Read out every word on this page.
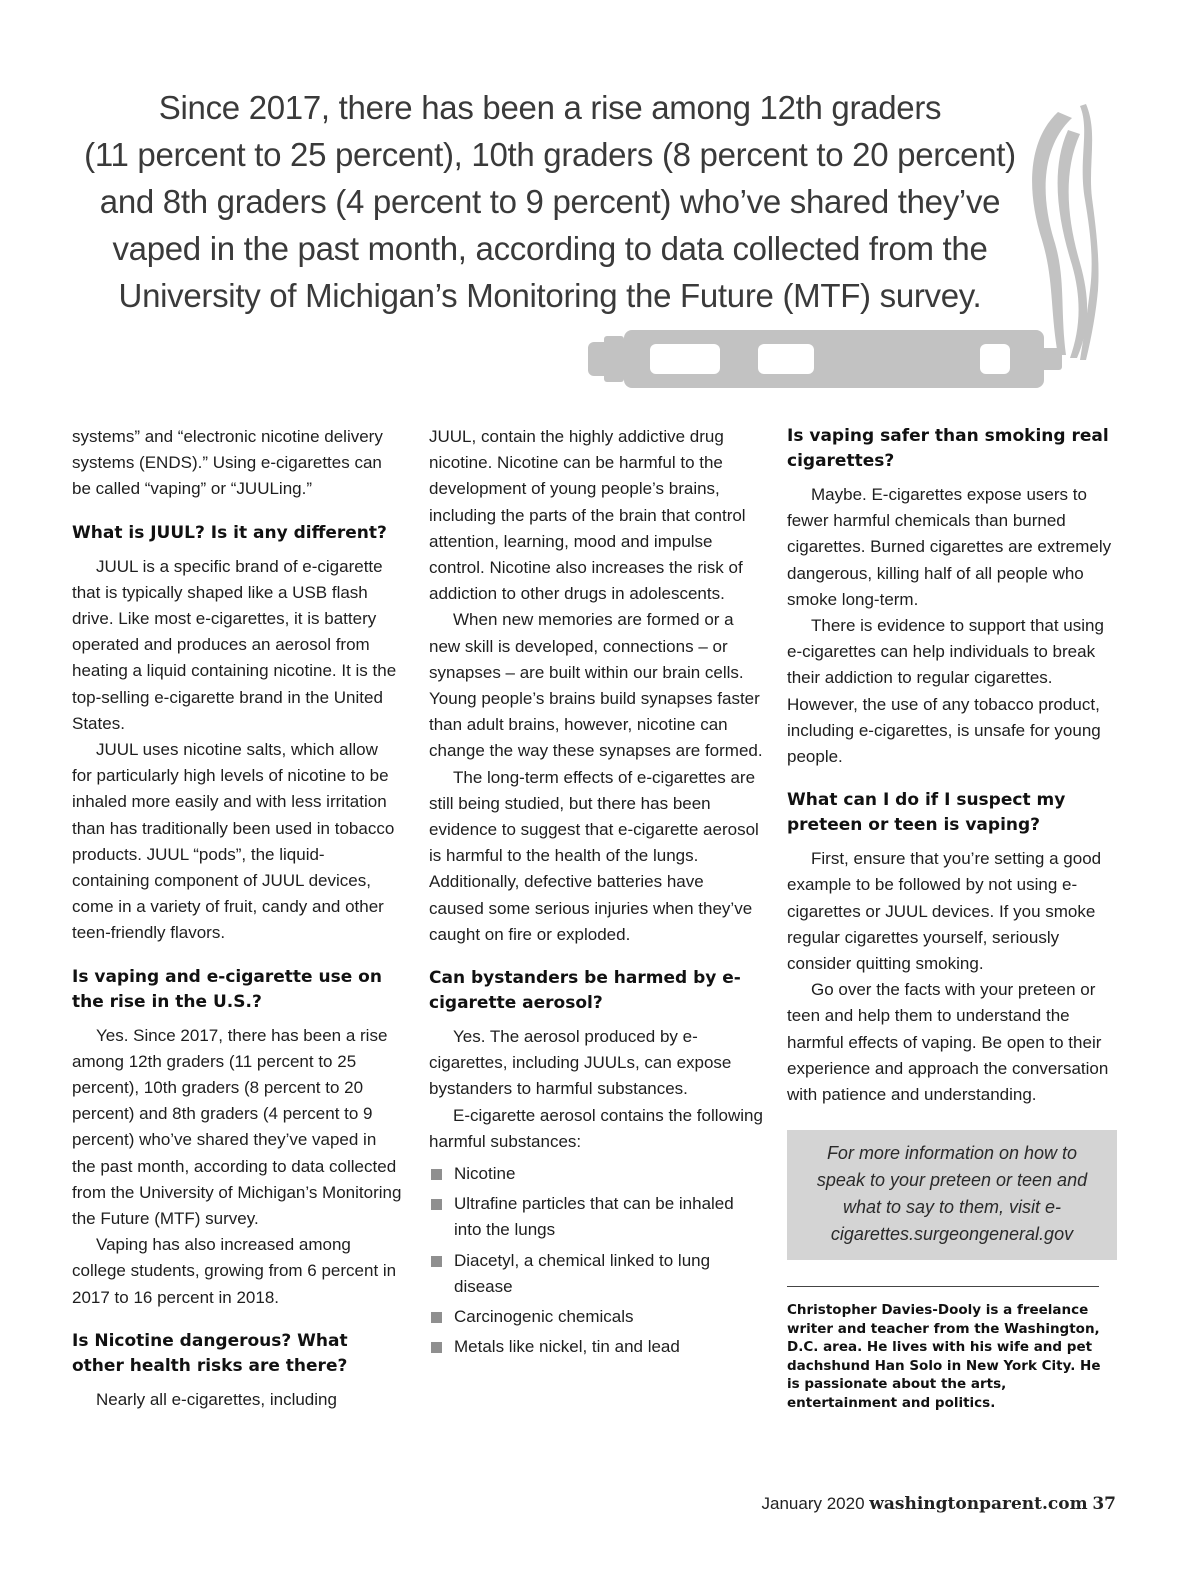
Since 2017, there has been a rise among 12th graders

(11 percent to 25 percent), 10th graders (8 percent to 20 percent)

and 8th graders (4 percent to 9 percent) who’ve shared they’ve

vaped in the past month, according to data collected from the

University of Michigan’s Monitoring the Future (MTF) survey.

systems” and “electronic nicotine delivery systems (ENDS).” Using e-cigarettes can be called “vaping” or “JUULing.”

What is JUUL? Is it any different?

JUUL is a specific brand of e-cigarette that is typically shaped like a USB flash drive. Like most e-cigarettes, it is battery operated and produces an aerosol from heating a liquid containing nicotine. It is the top-selling e-cigarette brand in the United States.

JUUL uses nicotine salts, which allow for particularly high levels of nicotine to be inhaled more easily and with less irritation than has traditionally been used in tobacco products. JUUL “pods”, the liquid-containing component of JUUL devices, come in a variety of fruit, candy and other teen-friendly flavors.

Is vaping and e-cigarette use on the rise in the U.S.?

Yes. Since 2017, there has been a rise among 12th graders (11 percent to 25 percent), 10th graders (8 percent to 20 percent) and 8th graders (4 percent to 9 percent) who’ve shared they’ve vaped in the past month, according to data collected from the University of Michigan’s Monitoring the Future (MTF) survey.

Vaping has also increased among college students, growing from 6 percent in 2017 to 16 percent in 2018.

Is Nicotine dangerous? What other health risks are there?

Nearly all e-cigarettes, including

JUUL, contain the highly addictive drug nicotine. Nicotine can be harmful to the development of young people’s brains, including the parts of the brain that control attention, learning, mood and impulse control. Nicotine also increases the risk of addiction to other drugs in adolescents.

When new memories are formed or a new skill is developed, connections – or synapses – are built within our brain cells. Young people’s brains build synapses faster than adult brains, however, nicotine can change the way these synapses are formed.

The long-term effects of e-cigarettes are still being studied, but there has been evidence to suggest that e-cigarette aerosol is harmful to the health of the lungs. Additionally, defective batteries have caused some serious injuries when they’ve caught on fire or exploded.

Can bystanders be harmed by e-cigarette aerosol?

Yes. The aerosol produced by e-cigarettes, including JUULs, can expose bystanders to harmful substances.

E-cigarette aerosol contains the following harmful substances:

Nicotine
Ultrafine particles that can be inhaled into the lungs
Diacetyl, a chemical linked to lung disease
Carcinogenic chemicals
Metals like nickel, tin and lead
Is vaping safer than smoking real cigarettes?

Maybe. E-cigarettes expose users to fewer harmful chemicals than burned cigarettes. Burned cigarettes are extremely dangerous, killing half of all people who smoke long-term.

There is evidence to support that using e-cigarettes can help individuals to break their addiction to regular cigarettes. However, the use of any tobacco product, including e-cigarettes, is unsafe for young people.

What can I do if I suspect my preteen or teen is vaping?

First, ensure that you’re setting a good example to be followed by not using e-cigarettes or JUUL devices. If you smoke regular cigarettes yourself, seriously consider quitting smoking.

Go over the facts with your preteen or teen and help them to understand the harmful effects of vaping. Be open to their experience and approach the conversation with patience and understanding.

For more information on how to speak to your preteen or teen and what to say to them, visit e-cigarettes.surgeongeneral.gov
Christopher Davies-Dooly is a freelance writer and teacher from the Washington, D.C. area. He lives with his wife and pet dachshund Han Solo in New York City. He is passionate about the arts, entertainment and politics.
January 2020 washingtonparent.com 37
